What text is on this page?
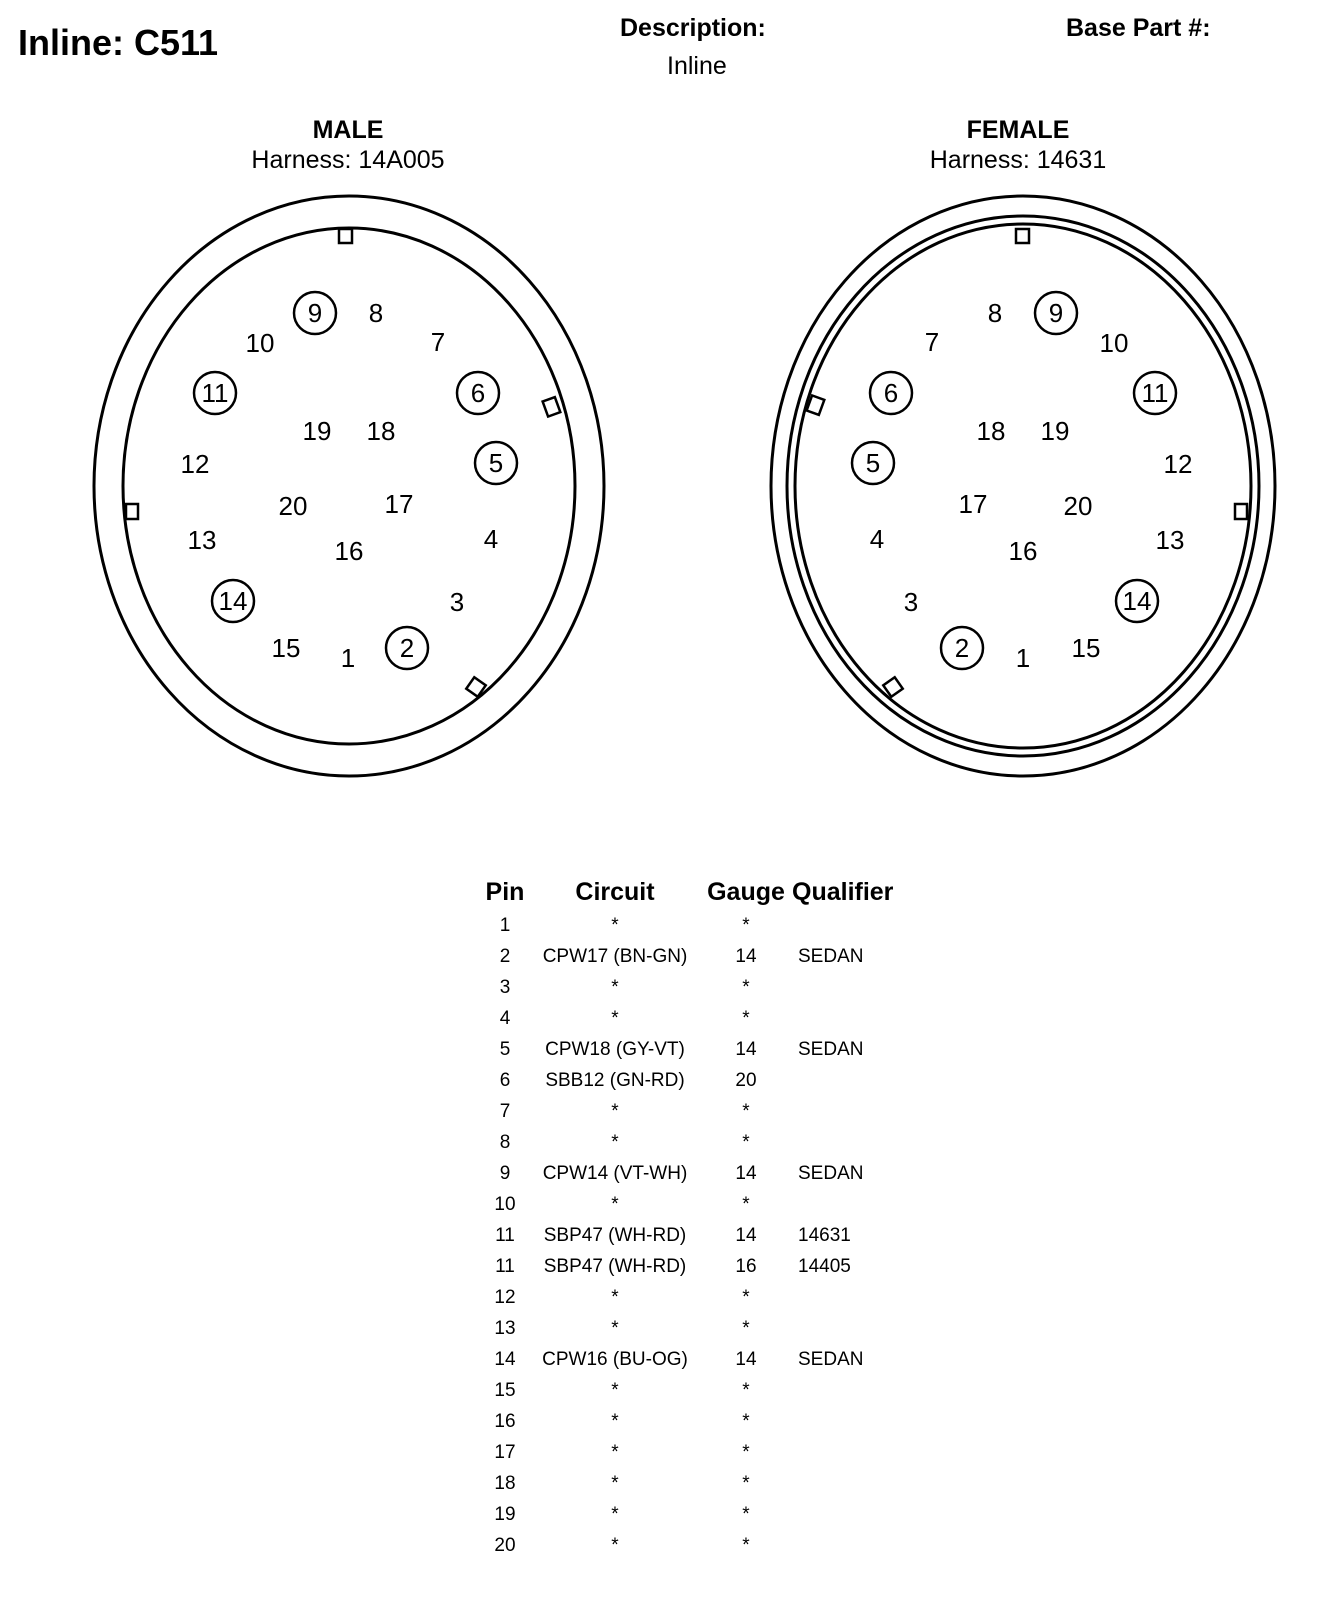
Inline: C511	Description:
Inline
Base Part #:
MALE
Harness: 14A005
FEMALE
Harness: 14631
9 8
10	7
11	6
19 18
12	5
20	17
13	4
16
14	3
15 1 2
8 9
7	10
6	11
18 19
5	12
17	20
4	13
16
3	14
2 1 15
Pin	Circuit	Gauge	Qualifier
1	*	*	
2	CPW17 (BN-GN)	14	SEDAN
3	*	*	
4	*	*	
5	CPW18 (GY-VT)	14	SEDAN
6	SBB12 (GN-RD)	20	
7	*	*	
8	*	*	
9	CPW14 (VT-WH)	14	SEDAN
10	*	*	
11	SBP47 (WH-RD)	14	14631
11	SBP47 (WH-RD)	16	14405
12	*	*	
13	*	*	
14	CPW16 (BU-OG)	14	SEDAN
15	*	*	
16	*	*	
17	*	*	
18	*	*	
19	*	*	
20	*	*	
